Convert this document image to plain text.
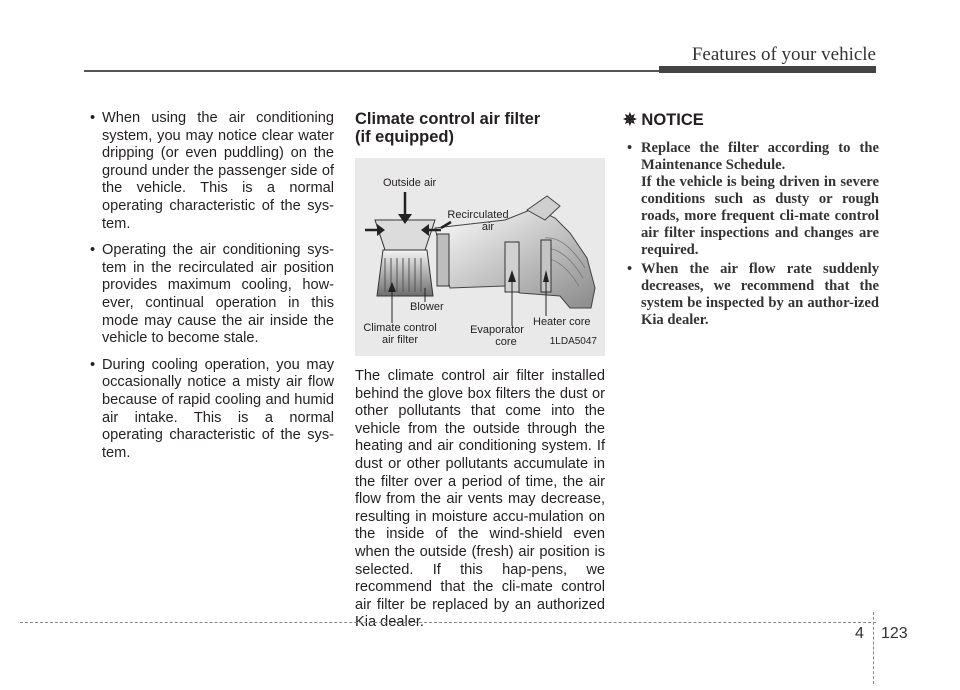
Features of your vehicle
• When using the air conditioning system, you may notice clear water dripping (or even puddling) on the ground under the passenger side of the vehicle. This is a normal operating characteristic of the sys-tem.
• Operating the air conditioning sys-tem in the recirculated air position provides maximum cooling, how-ever, continual operation in this mode may cause the air inside the vehicle to become stale.
• During cooling operation, you may occasionally notice a misty air flow because of rapid cooling and humid air intake. This is a normal operating characteristic of the sys-tem.
Climate control air filter
(if equipped)
Outside air
Recirculated
air
Blower
Climate control
air filter
Evaporator
core
Heater core
1LDA5047

The climate control air filter installed behind the glove box filters the dust or other pollutants that come into the vehicle from the outside through the heating and air conditioning system. If dust or other pollutants accumulate in the filter over a period of time, the air flow from the air vents may decrease, resulting in moisture accu-mulation on the inside of the wind-shield even when the outside (fresh) air position is selected. If this hap-pens, we recommend that the cli-mate control air filter be replaced by an authorized Kia dealer.

✵ NOTICE
• Replace the filter according to the Maintenance Schedule.
If the vehicle is being driven in severe conditions such as dusty or rough roads, more frequent cli-mate control air filter inspections and changes are required.
• When the air flow rate suddenly decreases, we recommend that the system be inspected by an author-ized Kia dealer.
4 123
